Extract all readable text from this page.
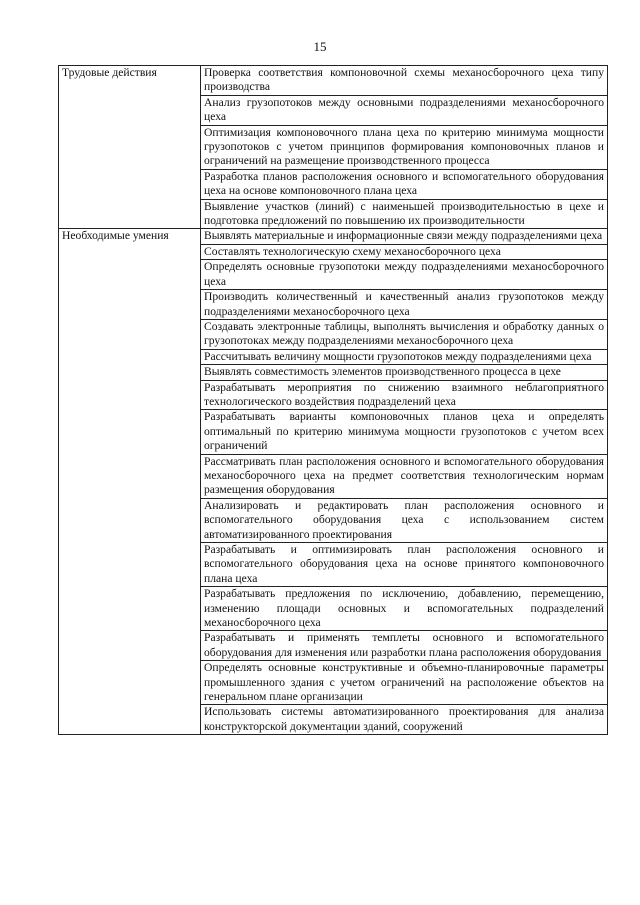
15
Трудовые действия	Проверка соответствия компоновочной схемы механосборочного цеха типу производства
	Анализ грузопотоков между основными подразделениями механосборочного цеха
	Оптимизация компоновочного плана цеха по критерию минимума мощности грузопотоков с учетом принципов формирования компоновочных планов и ограничений на размещение производственного процесса
	Разработка планов расположения основного и вспомогательного оборудования цеха на основе компоновочного плана цеха
	Выявление участков (линий) с наименьшей производительностью в цехе и подготовка предложений по повышению их производительности
Необходимые умения	Выявлять материальные и информационные связи между подразделениями цеха
	Составлять технологическую схему механосборочного цеха
	Определять основные грузопотоки между подразделениями механосборочного цеха
	Производить количественный и качественный анализ грузопотоков между подразделениями механосборочного цеха
	Создавать электронные таблицы, выполнять вычисления и обработку данных о грузопотоках между подразделениями механосборочного цеха
	Рассчитывать величину мощности грузопотоков между подразделениями цеха
	Выявлять совместимость элементов производственного процесса в цехе
	Разрабатывать мероприятия по снижению взаимного неблагоприятного технологического воздействия подразделений цеха
	Разрабатывать варианты компоновочных планов цеха и определять оптимальный по критерию минимума мощности грузопотоков с учетом всех ограничений
	Рассматривать план расположения основного и вспомогательного оборудования механосборочного цеха на предмет соответствия технологическим нормам размещения оборудования
	Анализировать и редактировать план расположения основного и вспомогательного оборудования цеха с использованием систем автоматизированного проектирования
	Разрабатывать и оптимизировать план расположения основного и вспомогательного оборудования цеха на основе принятого компоновочного плана цеха
	Разрабатывать предложения по исключению, добавлению, перемещению, изменению площади основных и вспомогательных подразделений механосборочного цеха
	Разрабатывать и применять темплеты основного и вспомогательного оборудования для изменения или разработки плана расположения оборудования
	Определять основные конструктивные и объемно-планировочные параметры промышленного здания с учетом ограничений на расположение объектов на генеральном плане организации
	Использовать системы автоматизированного проектирования для анализа конструкторской документации зданий, сооружений
